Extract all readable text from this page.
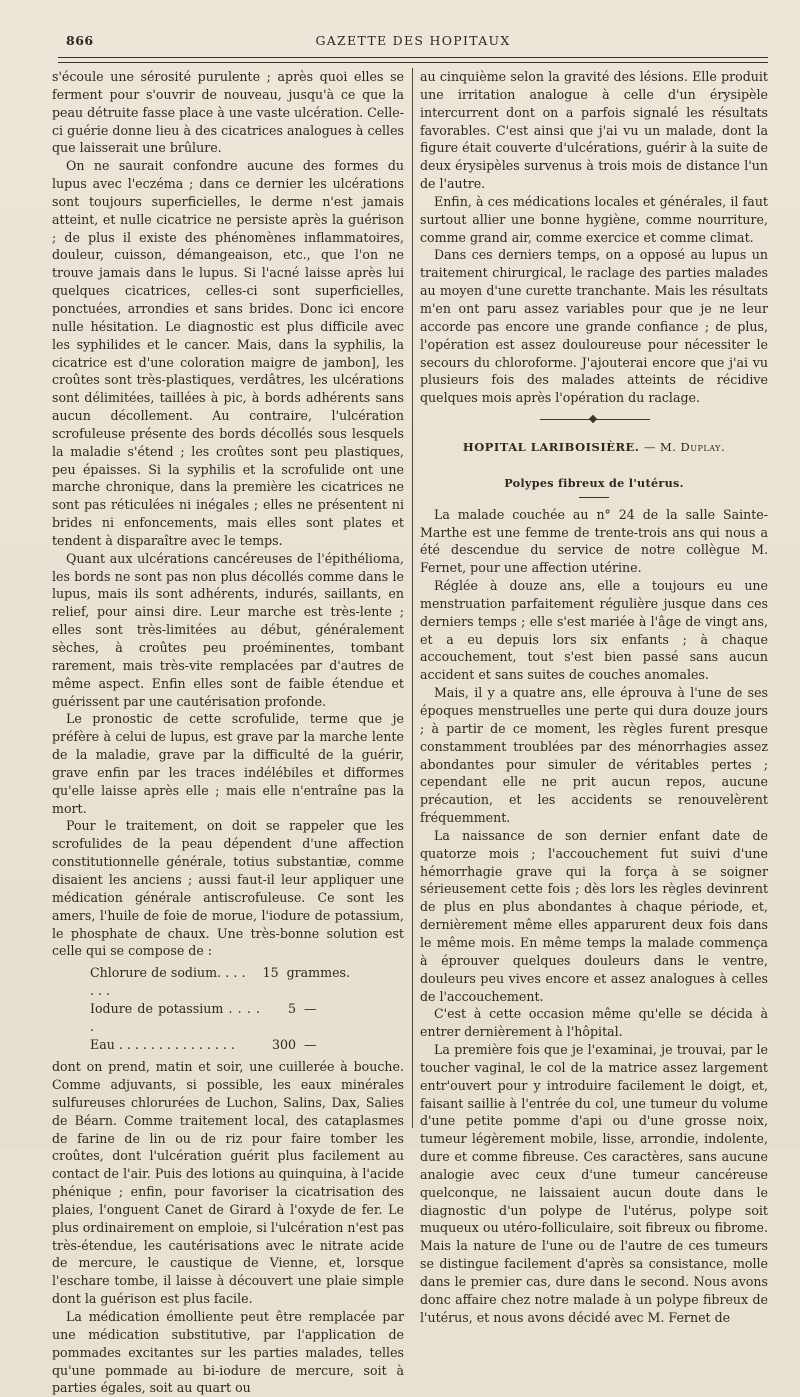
866	GAZETTE DES HOPITAUX

s'écoule une sérosité purulente ; après quoi elles se ferment pour s'ouvrir de nouveau, jusqu'à ce que la peau détruite fasse place à une vaste ulcération. Celle-ci guérie donne lieu à des cicatrices analogues à celles que laisserait une brûlure.

On ne saurait confondre aucune des formes du lupus avec l'eczéma ; dans ce dernier les ulcérations sont toujours superficielles, le derme n'est jamais atteint, et nulle cicatrice ne persiste après la guérison ; de plus il existe des phénomènes inflammatoires, douleur, cuisson, démangeaison, etc., que l'on ne trouve jamais dans le lupus. Si l'acné laisse après lui quelques cicatrices, celles-ci sont superficielles, ponctuées, arrondies et sans brides. Donc ici encore nulle hésitation. Le diagnostic est plus difficile avec les syphilides et le cancer. Mais, dans la syphilis, la cicatrice est d'une coloration maigre de jambon], les croûtes sont très-plastiques, verdâtres, les ulcérations sont délimitées, taillées à pic, à bords adhérents sans aucun décollement. Au contraire, l'ulcération scrofuleuse présente des bords décollés sous lesquels la maladie s'étend ; les croûtes sont peu plastiques, peu épaisses. Si la syphilis et la scrofulide ont une marche chronique, dans la première les cicatrices ne sont pas réticulées ni inégales ; elles ne présentent ni brides ni enfoncements, mais elles sont plates et tendent à disparaître avec le temps.

Quant aux ulcérations cancéreuses de l'épithélioma, les bords ne sont pas non plus décollés comme dans le lupus, mais ils sont adhérents, indurés, saillants, en relief, pour ainsi dire. Leur marche est très-lente ; elles sont très-limitées au début, généralement sèches, à croûtes peu proéminentes, tombant rarement, mais très-vite remplacées par d'autres de même aspect. Enfin elles sont de faible étendue et guérissent par une cautérisation profonde.

Le pronostic de cette scrofulide, terme que je préfère à celui de lupus, est grave par la marche lente de la maladie, grave par la difficulté de la guérir, grave enfin par les traces indélébiles et difformes qu'elle laisse après elle ; mais elle n'entraîne pas la mort.

Pour le traitement, on doit se rappeler que les scrofulides de la peau dépendent d'une affection constitutionnelle générale, totius substantiæ, comme disaient les anciens ; aussi faut-il leur appliquer une médication générale antiscrofuleuse. Ce sont les amers, l'huile de foie de morue, l'iodure de potassium, le phosphate de chaux. Une très-bonne solution est celle qui se compose de :

Chlorure de sodium. . . . . . .
15 grammes.
Iodure de potassium . . . . .
5 —
Eau . . . . . . . . . . . . . . .	300 —

dont on prend, matin et soir, une cuillerée à bouche. Comme adjuvants, si possible, les eaux minérales sulfureuses chlorurées de Luchon, Salins, Dax, Salies de Béarn. Comme traitement local, des cataplasmes de farine de lin ou de riz pour faire tomber les croûtes, dont l'ulcération guérit plus facilement au contact de l'air. Puis des lotions au quinquina, à l'acide phénique ; enfin, pour favoriser la cicatrisation des plaies, l'onguent Canet de Girard à l'oxyde de fer. Le plus ordinairement on emploie, si l'ulcération n'est pas très-étendue, les cautérisations avec le nitrate acide de mercure, le caustique de Vienne, et, lorsque l'eschare tombe, il laisse à découvert une plaie simple dont la guérison est plus facile.

La médication émolliente peut être remplacée par une médication substitutive, par l'application de pommades excitantes sur les parties malades, telles qu'une pommade au bi-iodure de mercure, soit à parties égales, soit au quart ou

au cinquième selon la gravité des lésions. Elle produit une irritation analogue à celle d'un érysipèle intercurrent dont on a parfois signalé les résultats favorables. C'est ainsi que j'ai vu un malade, dont la figure était couverte d'ulcérations, guérir à la suite de deux érysipèles survenus à trois mois de distance l'un de l'autre.

Enfin, à ces médications locales et générales, il faut surtout allier une bonne hygiène, comme nourriture, comme grand air, comme exercice et comme climat.

Dans ces derniers temps, on a opposé au lupus un traitement chirurgical, le raclage des parties malades au moyen d'une curette tranchante. Mais les résultats m'en ont paru assez variables pour que je ne leur accorde pas encore une grande confiance ; de plus, l'opération est assez douloureuse pour nécessiter le secours du chloroforme. J'ajouterai encore que j'ai vu plusieurs fois des malades atteints de récidive quelques mois après l'opération du raclage.

HOPITAL LARIBOISIÈRE. — M. Duplay.
Polypes fibreux de l'utérus.

La malade couchée au n° 24 de la salle Sainte-Marthe est une femme de trente-trois ans qui nous a été descendue du service de notre collègue M. Fernet, pour une affection utérine.

Réglée à douze ans, elle a toujours eu une menstruation parfaitement régulière jusque dans ces derniers temps ; elle s'est mariée à l'âge de vingt ans, et a eu depuis lors six enfants ; à chaque accouchement, tout s'est bien passé sans aucun accident et sans suites de couches anomales.

Mais, il y a quatre ans, elle éprouva à l'une de ses époques menstruelles une perte qui dura douze jours ; à partir de ce moment, les règles furent presque constamment troublées par des ménorrhagies assez abondantes pour simuler de véritables pertes ; cependant elle ne prit aucun repos, aucune précaution, et les accidents se renouvelèrent fréquemment.

La naissance de son dernier enfant date de quatorze mois ; l'accouchement fut suivi d'une hémorrhagie grave qui la força à se soigner sérieusement cette fois ; dès lors les règles devinrent de plus en plus abondantes à chaque période, et, dernièrement même elles apparurent deux fois dans le même mois. En même temps la malade commença à éprouver quelques douleurs dans le ventre, douleurs peu vives encore et assez analogues à celles de l'accouchement.

C'est à cette occasion même qu'elle se décida à entrer dernièrement à l'hôpital.

La première fois que je l'examinai, je trouvai, par le toucher vaginal, le col de la matrice assez largement entr'ouvert pour y introduire facilement le doigt, et, faisant saillie à l'entrée du col, une tumeur du volume d'une petite pomme d'api ou d'une grosse noix, tumeur légèrement mobile, lisse, arrondie, indolente, dure et comme fibreuse. Ces caractères, sans aucune analogie avec ceux d'une tumeur cancéreuse quelconque, ne laissaient aucun doute dans le diagnostic d'un polype de l'utérus, polype soit muqueux ou utéro-folliculaire, soit fibreux ou fibrome. Mais la nature de l'une ou de l'autre de ces tumeurs se distingue facilement d'après sa consistance, molle dans le premier cas, dure dans le second. Nous avons donc affaire chez notre malade à un polype fibreux de l'utérus, et nous avons décidé avec M. Fernet de
